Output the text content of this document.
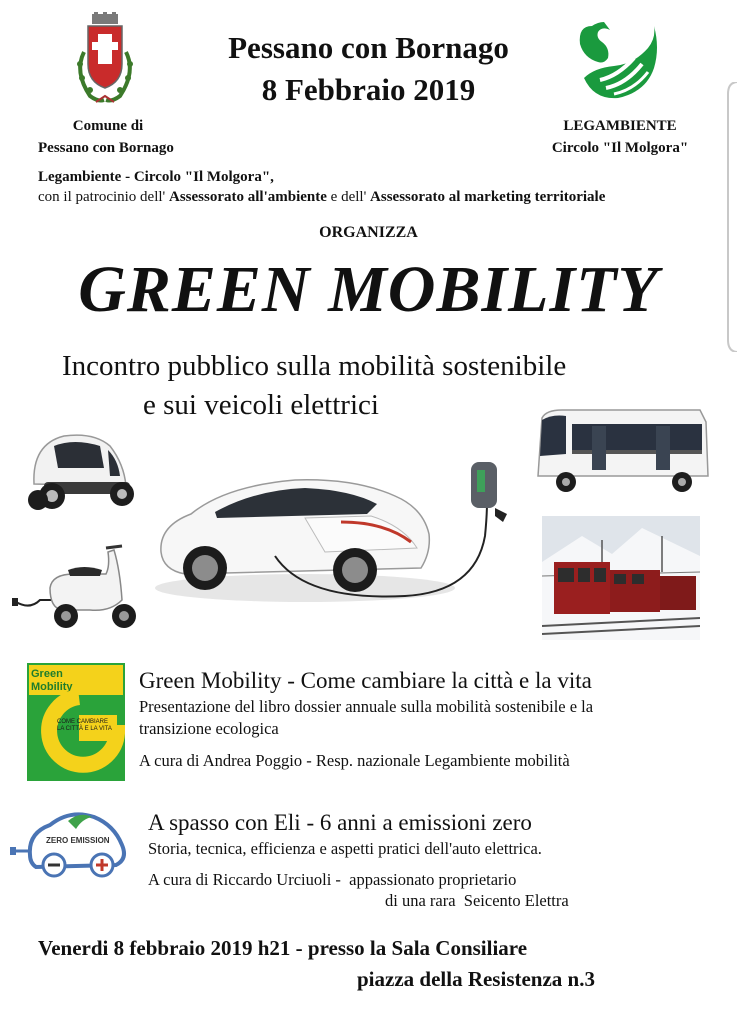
Pessano con Bornago
8 Febbraio 2019
Comune di
Pessano con Bornago
LEGAMBIENTE
Circolo "Il Molgora"
Legambiente - Circolo "Il Molgora",
con il patrocinio dell' Assessorato all'ambiente e dell' Assessorato al marketing territoriale
ORGANIZZA
GREEN MOBILITY
Incontro pubblico sulla mobilità sostenibile
e sui veicoli elettrici
Green
Mobility
COME CAMBIARE
LA CITTÀ E LA VITA
Green Mobility - Come cambiare la città e la vita
Presentazione del libro dossier annuale sulla mobilità sostenibile e la
transizione ecologica
A cura di Andrea Poggio - Resp. nazionale Legambiente mobilità
ZERO EMISSION
A spasso con Eli - 6 anni a emissioni zero
Storia, tecnica, efficienza e aspetti pratici dell'auto elettrica.
A cura di Riccardo Urciuoli -  appassionato proprietario
di una rara  Seicento Elettra
Venerdi 8 febbraio 2019 h21 - presso la Sala Consiliare
piazza della Resistenza n.3
